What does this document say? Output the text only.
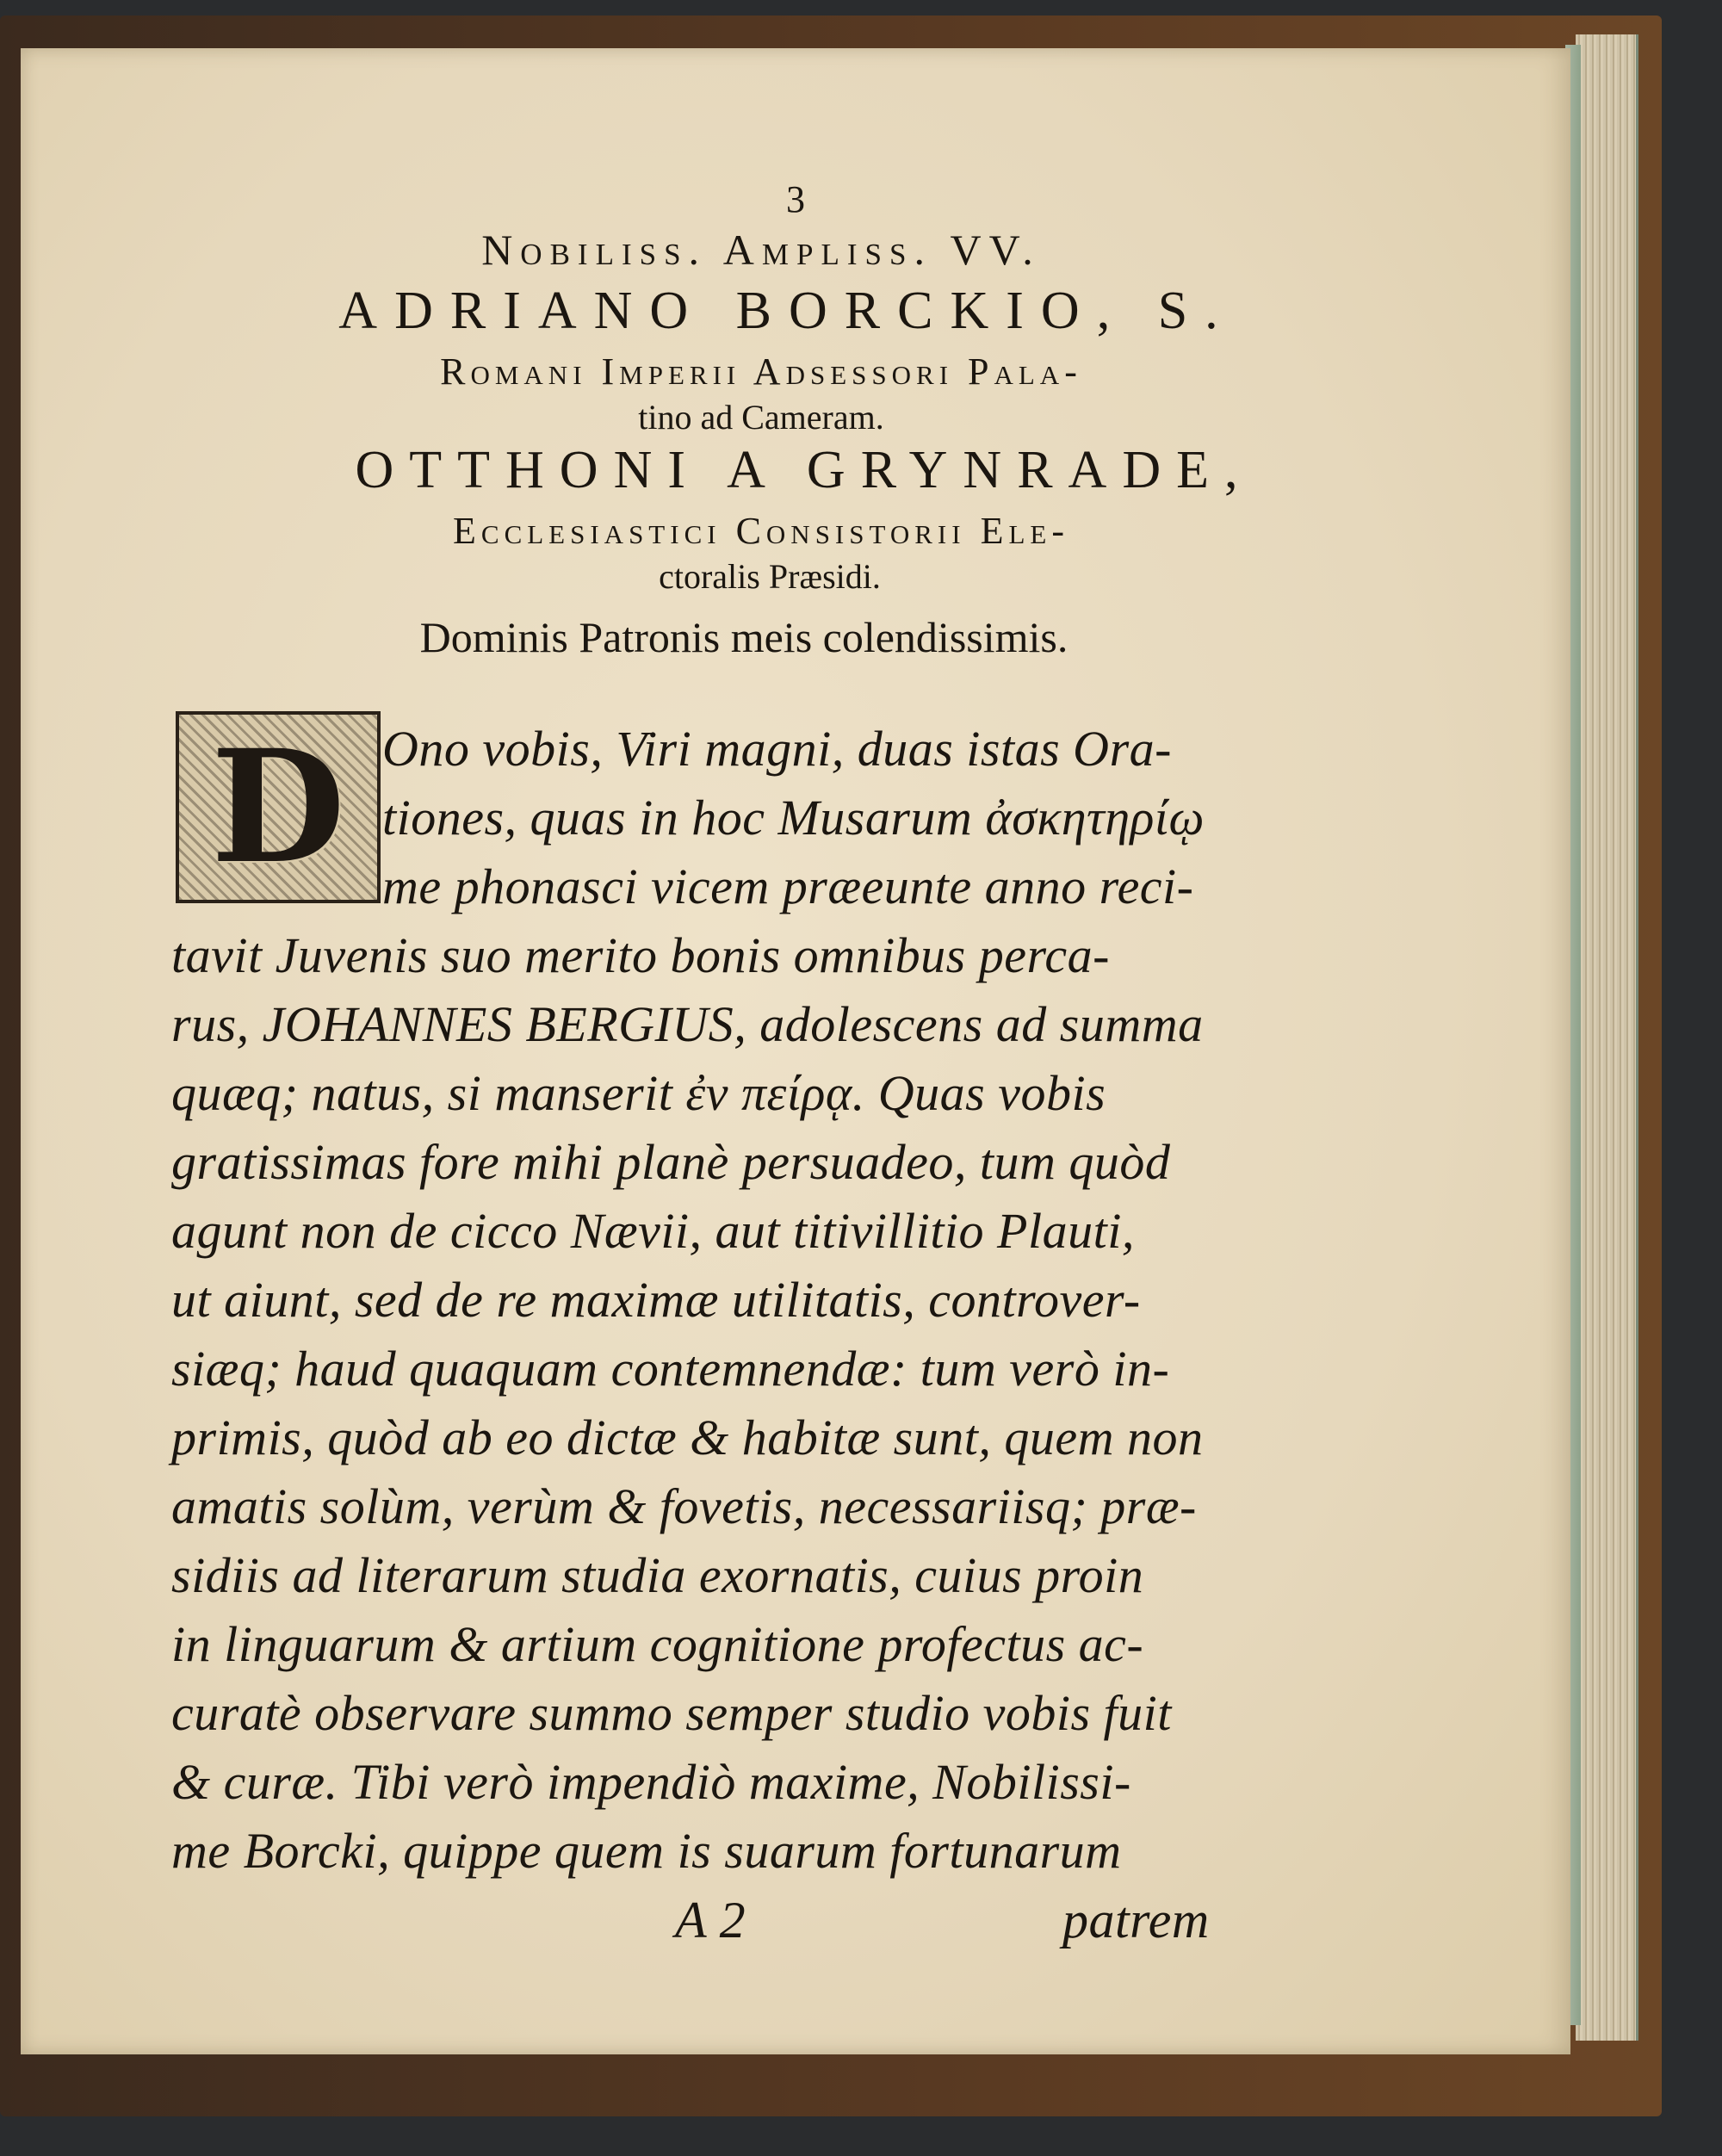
3
Nobiliss. Ampliss. VV.
ADRIANO BORCKIO, S.
Romani Imperii Adsessori Pala-
tino ad Cameram.
OTTHONI A GRYNRADE,
Ecclesiastici Consistorii Ele-
ctoralis Præsidi.
Dominis Patronis meis colendissimis.
D Ono vobis, Viri magni, duas istas Ora-
tiones, quas in hoc Musarum ἀσκητηρίῳ
me phonasci vicem præeunte anno reci-
tavit Juvenis suo merito bonis omnibus perca-
rus, JOHANNES BERGIUS, adolescens ad summa
quæq; natus, si manserit ἐν πείρᾳ. Quas vobis
gratissimas fore mihi planè persuadeo, tum quòd
agunt non de cicco Nævii, aut titivillitio Plauti,
ut aiunt, sed de re maximæ utilitatis, controver-
siæq; haud quaquam contemnendæ: tum verò in-
primis, quòd ab eo dictæ & habitæ sunt, quem non
amatis solùm, verùm & fovetis, necessariisq; præ-
sidiis ad literarum studia exornatis, cuius proin
in linguarum & artium cognitione profectus ac-
curatè observare summo semper studio vobis fuit
& curæ. Tibi verò impendiò maxime, Nobilissi-
me Borcki, quippe quem is suarum fortunarum
A 2	patrem
